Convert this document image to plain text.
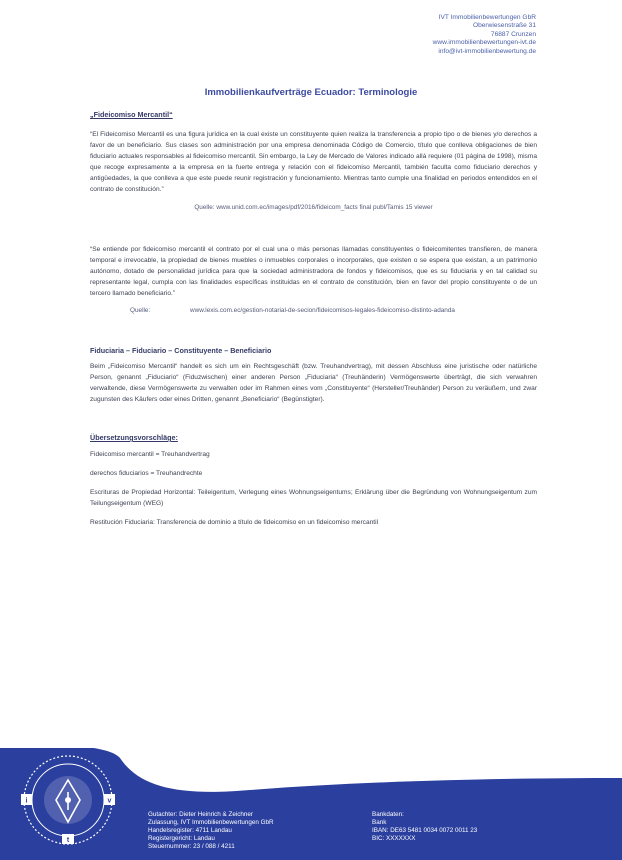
IVT Immobilienbewertungen GbR
Oberwiesenstraße 31
76887 Crunzen
www.immobilienbewertungen-ivt.de
info@ivt-immobilienbewertung.de
Immobilienkaufverträge Ecuador: Terminologie
„Fideicomiso Mercantil“

“El Fideicomiso Mercantil es una figura jurídica en la cual existe un constituyente quien realiza la transferencia a propio tipo o de bienes y/o derechos a favor de un beneficiario. Sus clases son administración por una empresa denominada Código de Comercio, título que conlleva obligaciones de bien fiduciario actuales responsables al fideicomiso mercantil. Sin embargo, la Ley de Mercado de Valores indicado allá requiere (01 página de 1998), misma que recoge expresamente a la empresa en la fuerte entrega y relación con el fideicomiso Mercantil, también faculta como fiduciario derechos y antigüedades, la que conlleva a que este puede reunir registración y funcionamiento. Mientras tanto cumple una finalidad en periodos entendidos en el contrato de constitución.”

Quelle: www.unid.com.ec/images/pdf/2016/fideicom_facts final publ/Tamis 15 viewer

“Se entiende por fideicomiso mercantil el contrato por el cual una o más personas llamadas constituyentes o fideicomitentes transfieren, de manera temporal e irrevocable, la propiedad de bienes muebles o inmuebles corporales o incorporales, que existen o se espera que existan, a un patrimonio autónomo, dotado de personalidad jurídica para que la sociedad administradora de fondos y fideicomisos, que es su fiduciaria y en tal calidad su representante legal, cumpla con las finalidades específicas instituidas en el contrato de constitución, bien en favor del propio constituyente o de un tercero llamado beneficiario.”

Quelle:	www.lexis.com.ec/gestion-notarial-de-secion/fideicomisos-legales-fideicomiso-distinto-adanda
Fiduciaria – Fiduciario – Constituyente – Beneficiario

Beim „Fideicomiso Mercantil“ handelt es sich um ein Rechtsgeschäft (bzw. Treuhandvertrag), mit dessen Abschluss eine juristische oder natürliche Person, genannt „Fiduciario“ (Fiduzwischen) einer anderen Person „Fiduciaria“ (Treuhänderin) Vermögenswerte überträgt, die sich verwahren verwaltende, diese Vermögenswerte zu verwalten oder im Rahmen eines vom „Constituyente“ (Hersteller/Treuhänder) Person zu veräußern, und zwar zugunsten des Käufers oder eines Dritten, genannt „Beneficiario“ (Begünstigter).

Übersetzungsvorschläge:

Fideicomiso mercantil = Treuhandvertrag

derechos fiduciarios = Treuhandrechte

Escrituras de Propiedad Horizontal: Teileigentum, Verlegung eines Wohnungseigentums; Erklärung über die Begründung von Wohnungseigentum zum Teilungseigentum (WEG)

Restitución Fiduciaria: Transferencia de dominio a título de fideicomiso en un fideicomiso mercantil

i	v
t
Gutachter: Dieter Heinrich & Zeichner
Zulassung, IVT Immobilienbewertungen GbR
Handelsregister: 4711 Landau
Registergericht: Landau
Steuernummer: 23 / 088 / 4211
Bankdaten:
Bank
IBAN: DE63 5481 0034 0072 0011 23
BIC: XXXXXXX
